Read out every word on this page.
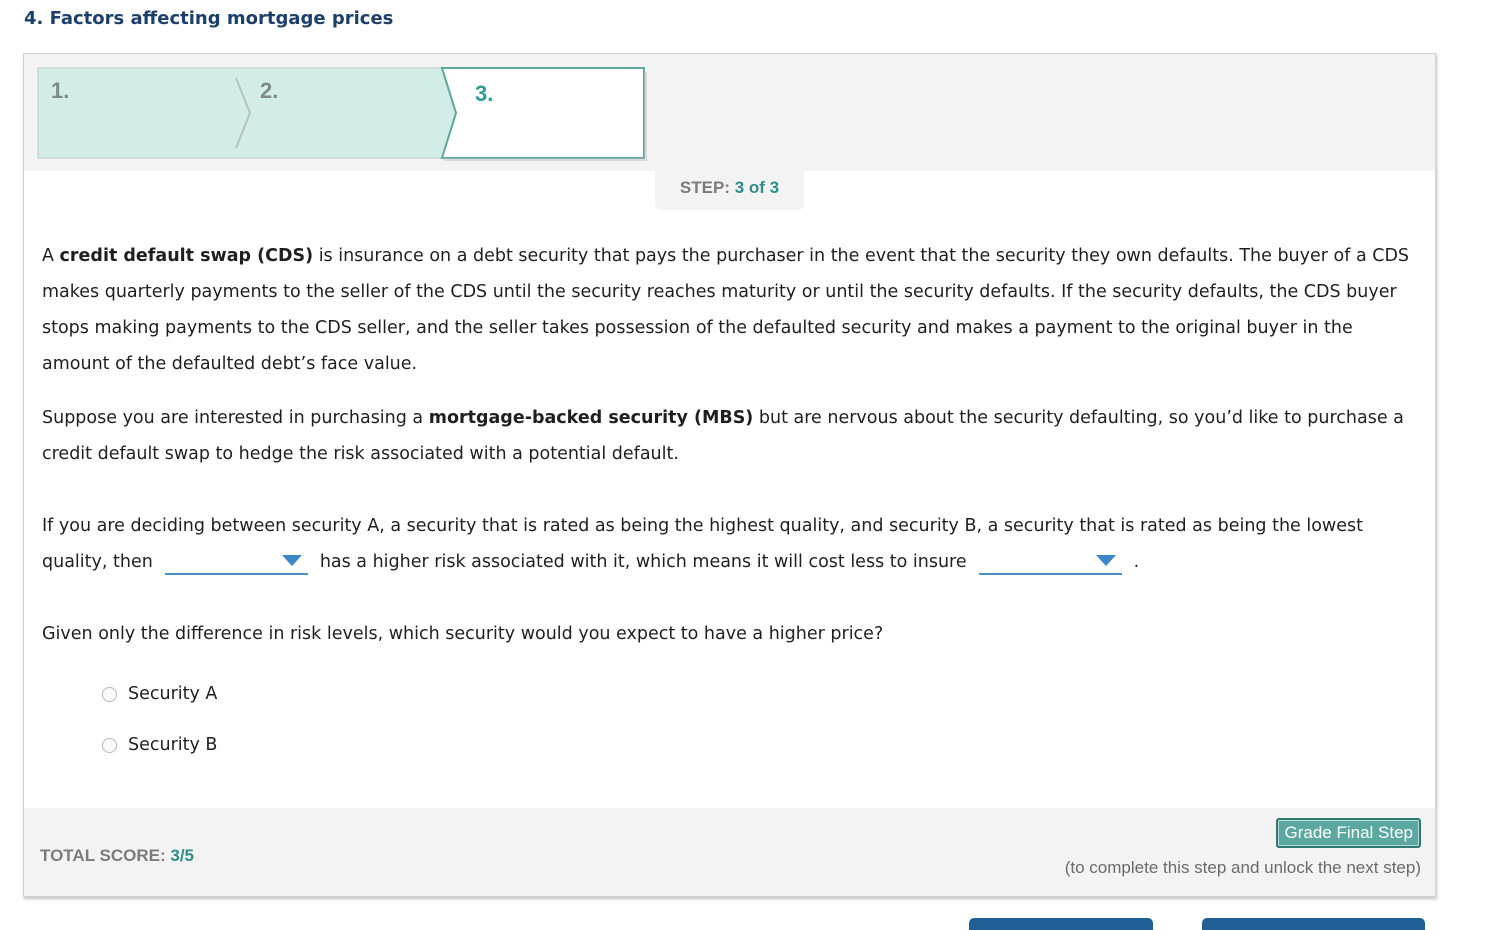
4. Factors affecting mortgage prices
1.	2.	3.
STEP: 3 of 3

A credit default swap (CDS) is insurance on a debt security that pays the purchaser in the event that the security they own defaults. The buyer of a CDS makes quarterly payments to the seller of the CDS until the security reaches maturity or until the security defaults. If the security defaults, the CDS buyer stops making payments to the CDS seller, and the seller takes possession of the defaulted security and makes a payment to the original buyer in the amount of the defaulted debt’s face value.

Suppose you are interested in purchasing a mortgage-backed security (MBS) but are nervous about the security defaulting, so you’d like to purchase a credit default swap to hedge the risk associated with a potential default.

If you are deciding between security A, a security that is rated as being the highest quality, and security B, a security that is rated as being the lowest quality, then	has a higher risk associated with it, which means it will cost less to insure	.

Given only the difference in risk levels, which security would you expect to have a higher price?

Security A
Security B
TOTAL SCORE: 3/5
Grade Final Step
(to complete this step and unlock the next step)
